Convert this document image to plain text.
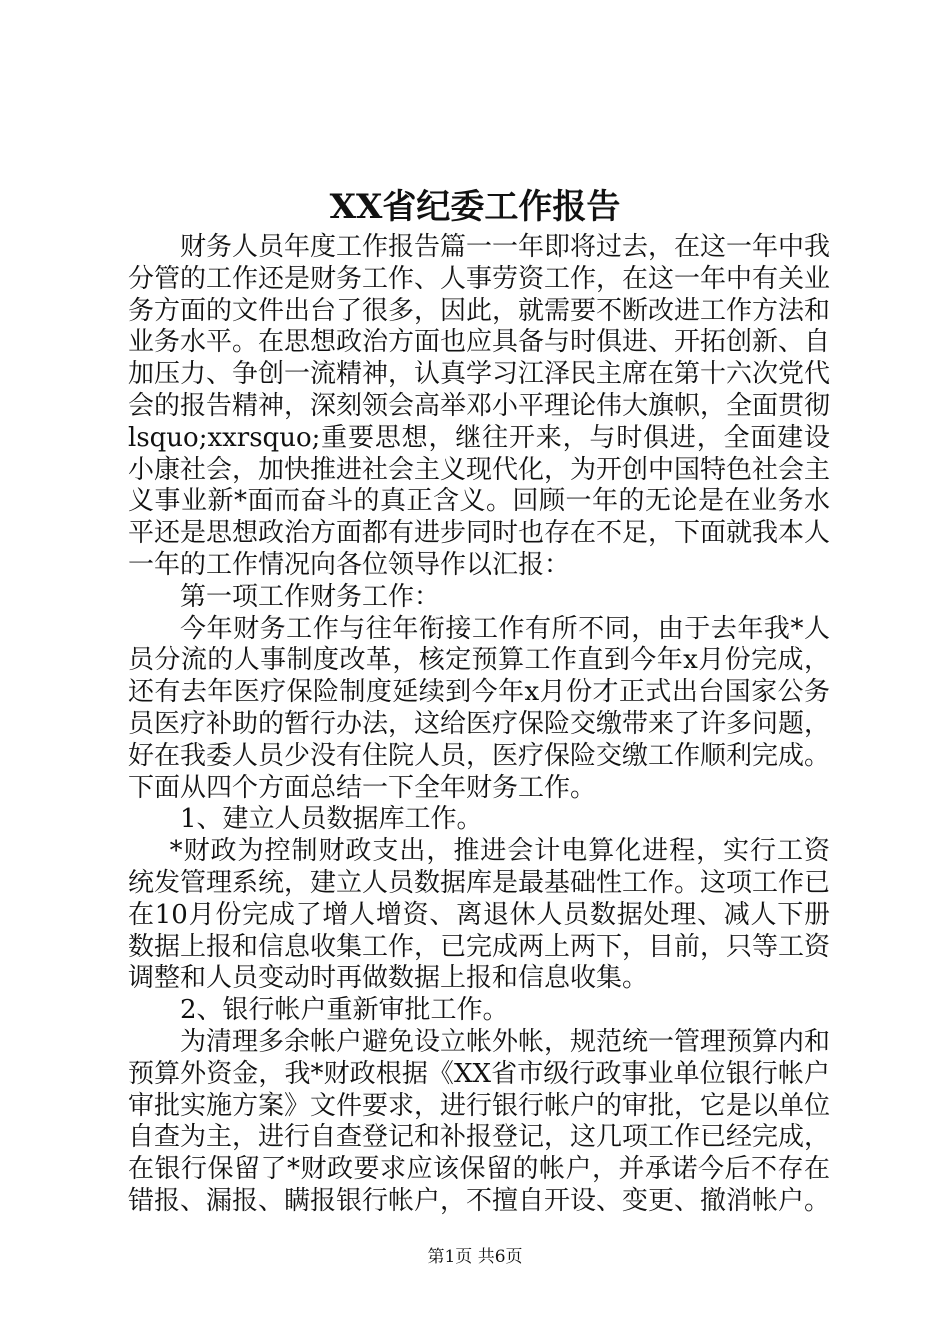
XX省纪委工作报告

财务人员年度工作报告篇一一年即将过去，在这一年中我分管的工作还是财务工作、人事劳资工作，在这一年中有关业务方面的文件出台了很多，因此，就需要不断改进工作方法和业务水平。在思想政治方面也应具备与时俱进、开拓创新、自加压力、争创一流精神，认真学习江泽民主席在第十六次党代会的报告精神，深刻领会高举邓小平理论伟大旗帜，全面贯彻lsquo;xxrsquo;重要思想，继往开来，与时俱进，全面建设小康社会，加快推进社会主义现代化，为开创中国特色社会主义事业新*面而奋斗的真正含义。回顾一年的无论是在业务水平还是思想政治方面都有进步同时也存在不足，下面就我本人一年的工作情况向各位领导作以汇报：

第一项工作财务工作：

今年财务工作与往年衔接工作有所不同，由于去年我*人员分流的人事制度改革，核定预算工作直到今年x月份完成，还有去年医疗保险制度延续到今年x月份才正式出台国家公务员医疗补助的暂行办法，这给医疗保险交缴带来了许多问题，好在我委人员少没有住院人员，医疗保险交缴工作顺利完成。下面从四个方面总结一下全年财务工作。

1、建立人员数据库工作。

*财政为控制财政支出，推进会计电算化进程，实行工资统发管理系统，建立人员数据库是最基础性工作。这项工作已在10月份完成了增人增资、离退休人员数据处理、减人下册数据上报和信息收集工作，已完成两上两下，目前，只等工资调整和人员变动时再做数据上报和信息收集。

2、银行帐户重新审批工作。

为清理多余帐户避免设立帐外帐，规范统一管理预算内和预算外资金，我*财政根据《XX省市级行政事业单位银行帐户审批实施方案》文件要求，进行银行帐户的审批，它是以单位自查为主，进行自查登记和补报登记，这几项工作已经完成，在银行保留了*财政要求应该保留的帐户，并承诺今后不存在错报、漏报、瞒报银行帐户，不擅自开设、变更、撤消帐户。

第1页 共6页
